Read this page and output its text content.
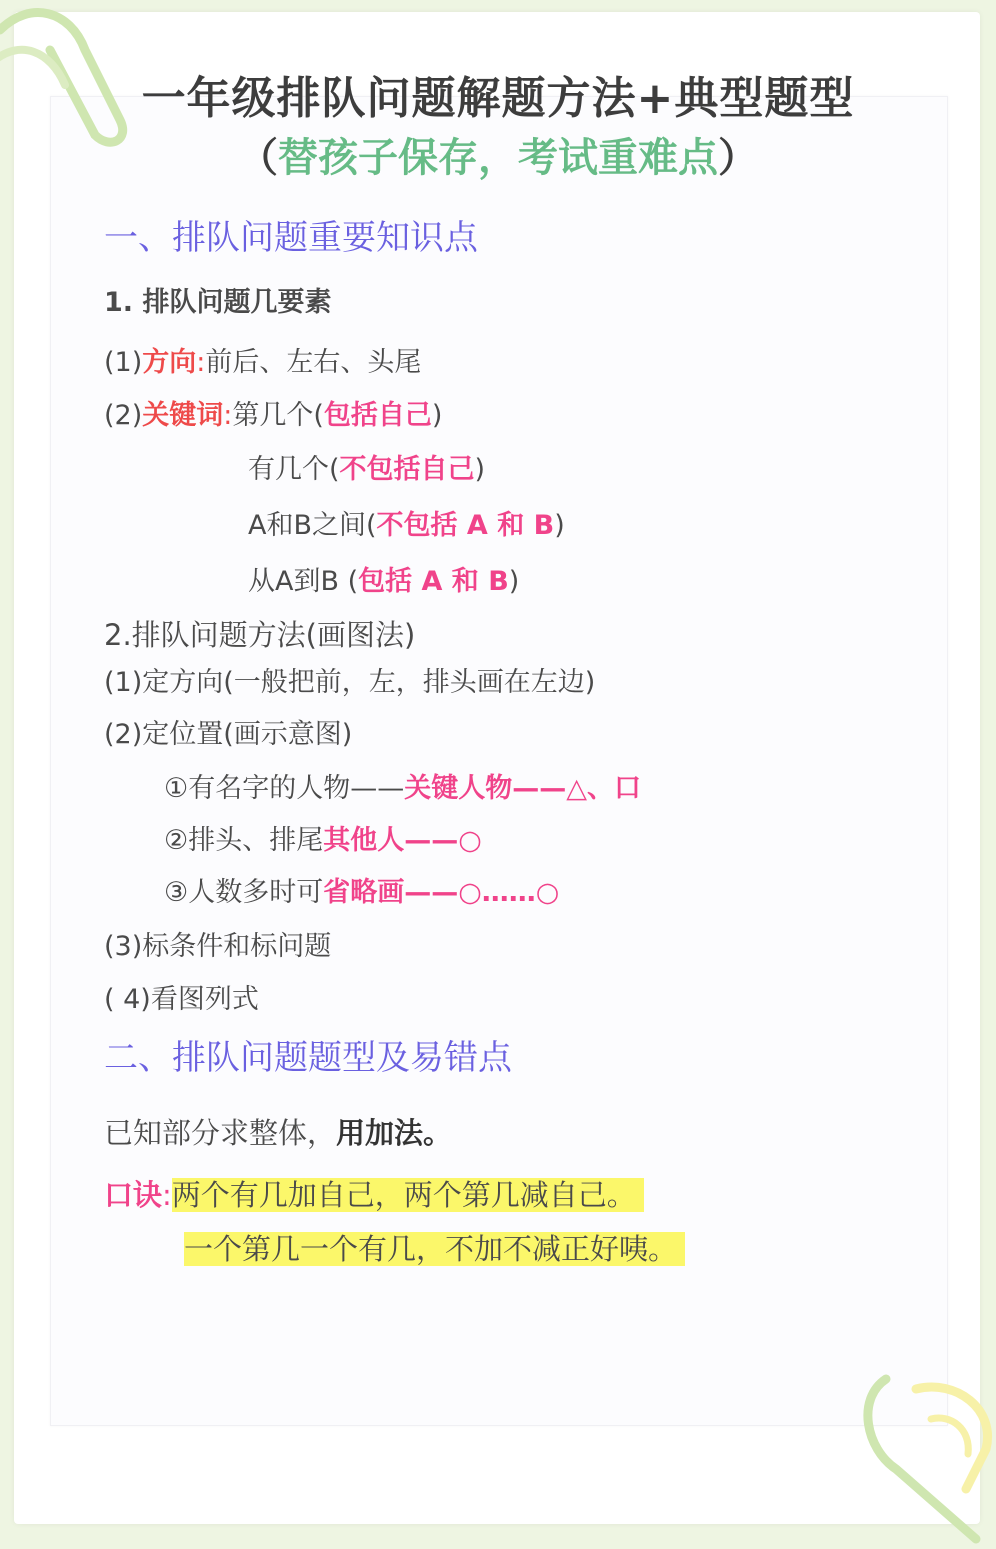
一年级排队问题解题方法+典型题型
（替孩子保存，考试重难点）
一、排队问题重要知识点
1. 排队问题几要素
(1)方向:前后、左右、头尾
(2)关键词:第几个(包括自己)
有几个(不包括自己)
A和B之间(不包括 A 和 B)
从A到B (包括 A 和 B)
2.排队问题方法(画图法)
(1)定方向(一般把前，左，排头画在左边)
(2)定位置(画示意图)
①有名字的人物——关键人物——△、口
②排头、排尾其他人——○
③人数多时可省略画——○……○
(3)标条件和标问题
( 4)看图列式
二、排队问题题型及易错点
已知部分求整体，用加法。
口诀:两个有几加自己，两个第几减自己。
一个第几一个有几，不加不减正好咦。
